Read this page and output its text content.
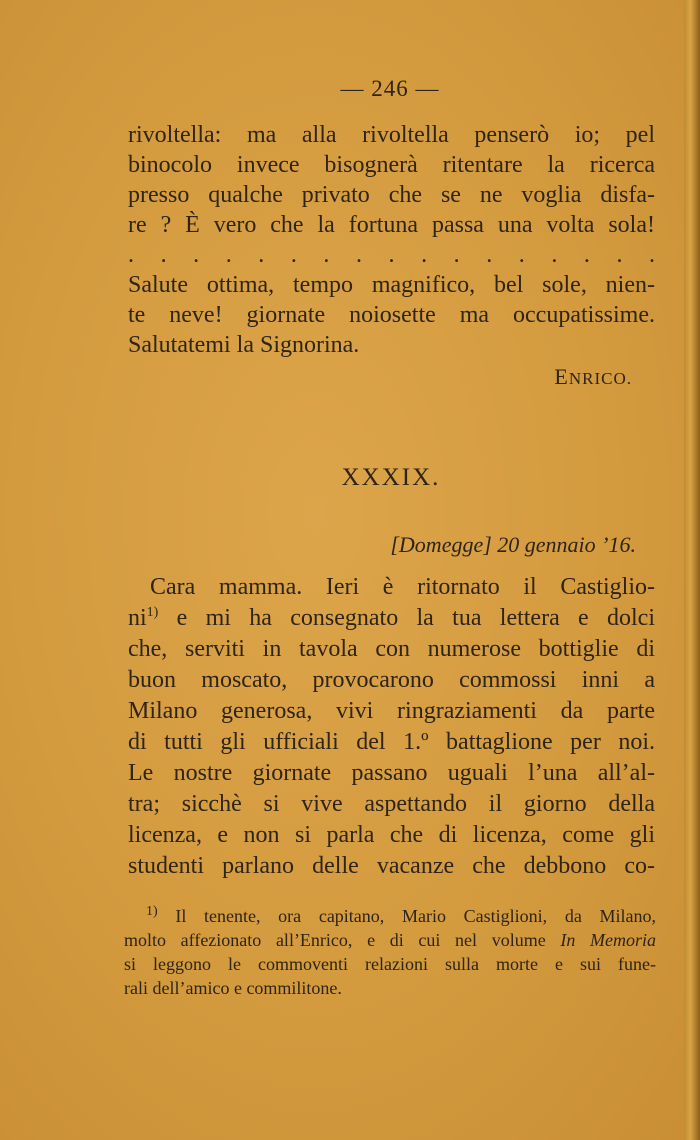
— 246 —
rivoltella: ma alla rivoltella penserò io; pel
binocolo invece bisognerà ritentare la ricerca
presso qualche privato che se ne voglia disfa-
re ? È vero che la fortuna passa una volta sola!
. . . . . . . . . . . . . . . . .
Salute ottima, tempo magnifico, bel sole, nien-
te neve! giornate noiosette ma occupatissime.
Salutatemi la Signorina.
ENRICO.
XXXIX.
[Domegge] 20 gennaio ’16.
Cara mamma. Ieri è ritornato il Castiglio-
$ni^{1)}$ e mi ha consegnato la tua lettera e dolci
che, serviti in tavola con numerose bottiglie di
buon moscato, provocarono commossi inni a
Milano generosa, vivi ringraziamenti da parte
di tutti gli ufficiali del 1.º battaglione per noi.
Le nostre giornate passano uguali l’una all’al-
tra; sicchè si vive aspettando il giorno della
licenza, e non si parla che di licenza, come gli
studenti parlano delle vacanze che debbono co-
$^{1)}$ Il tenente, ora capitano, Mario Castiglioni, da Milano,
molto affezionato all’Enrico, e di cui nel volume In Memoria
si leggono le commoventi relazioni sulla morte e sui fune-
rali dell’amico e commilitone.
